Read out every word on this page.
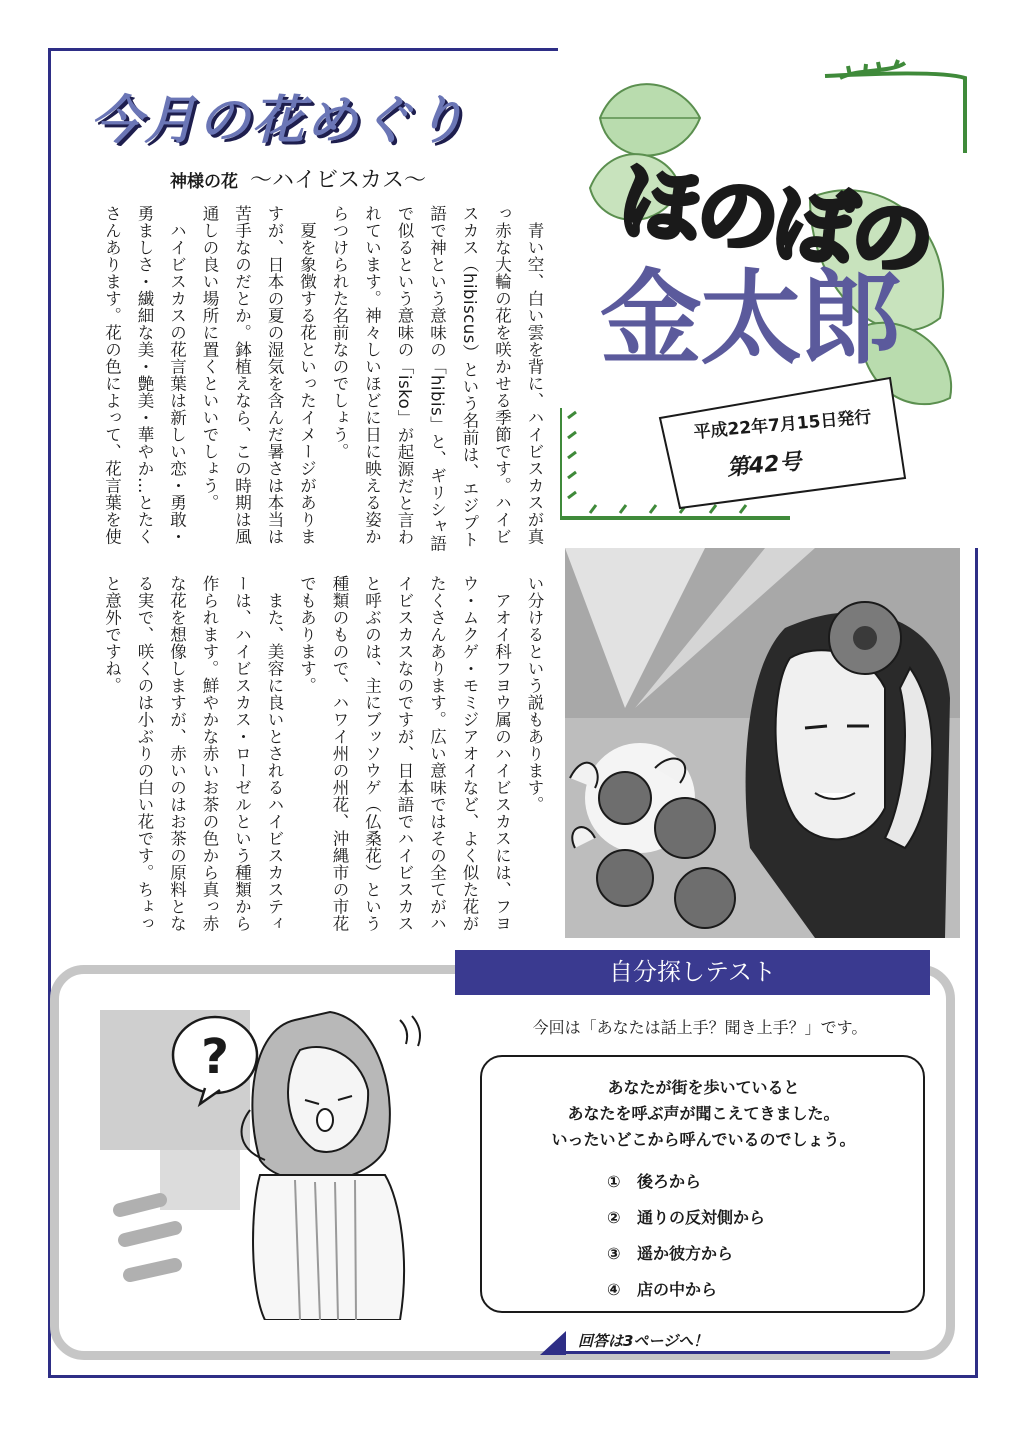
今月の花めぐり
神様の花 〜ハイビスカス〜

青い空、白い雲を背に、ハイビスカスが真っ赤な大輪の花を咲かせる季節です。ハイビスカス（hibiscus）という名前は、エジプト語で神という意味の「hibis」と、ギリシャ語で似るという意味の「isko」が起源だと言われています。神々しいほどに日に映える姿からつけられた名前なのでしょう。

夏を象徴する花といったイメージがありますが、日本の夏の湿気を含んだ暑さは本当は苦手なのだとか。鉢植えなら、この時期は風通しの良い場所に置くといいでしょう。

ハイビスカスの花言葉は新しい恋・勇敢・勇ましさ・繊細な美・艶美・華やか…とたくさんあります。花の色によって、花言葉を使

い分けるという説もあります。

アオイ科フヨウ属のハイビスカスには、フヨウ・ムクゲ・モミジアオイなど、よく似た花がたくさんあります。広い意味ではその全てがハイビスカスなのですが、日本語でハイビスカスと呼ぶのは、主にブッソウゲ（仏桑花）という種類のもので、ハワイ州の州花、沖縄市の市花でもあります。

また、美容に良いとされるハイビスカスティーは、ハイビスカス・ローゼルという種類から作られます。鮮やかな赤いお茶の色から真っ赤な花を想像しますが、赤いのはお茶の原料となる実で、咲くのは小ぶりの白い花です。ちょっと意外ですね。

ほのぼの
金太郎
平成22年7月15日発行
第42号
?
自分探しテスト
今回は「あなたは話上手？聞き上手？」です。
あなたが街を歩いていると
あなたを呼ぶ声が聞こえてきました。
いったいどこから呼んでいるのでしょう。
① 後ろから
② 通りの反対側から
③ 遥か彼方から
④ 店の中から
回答は3ページへ！
